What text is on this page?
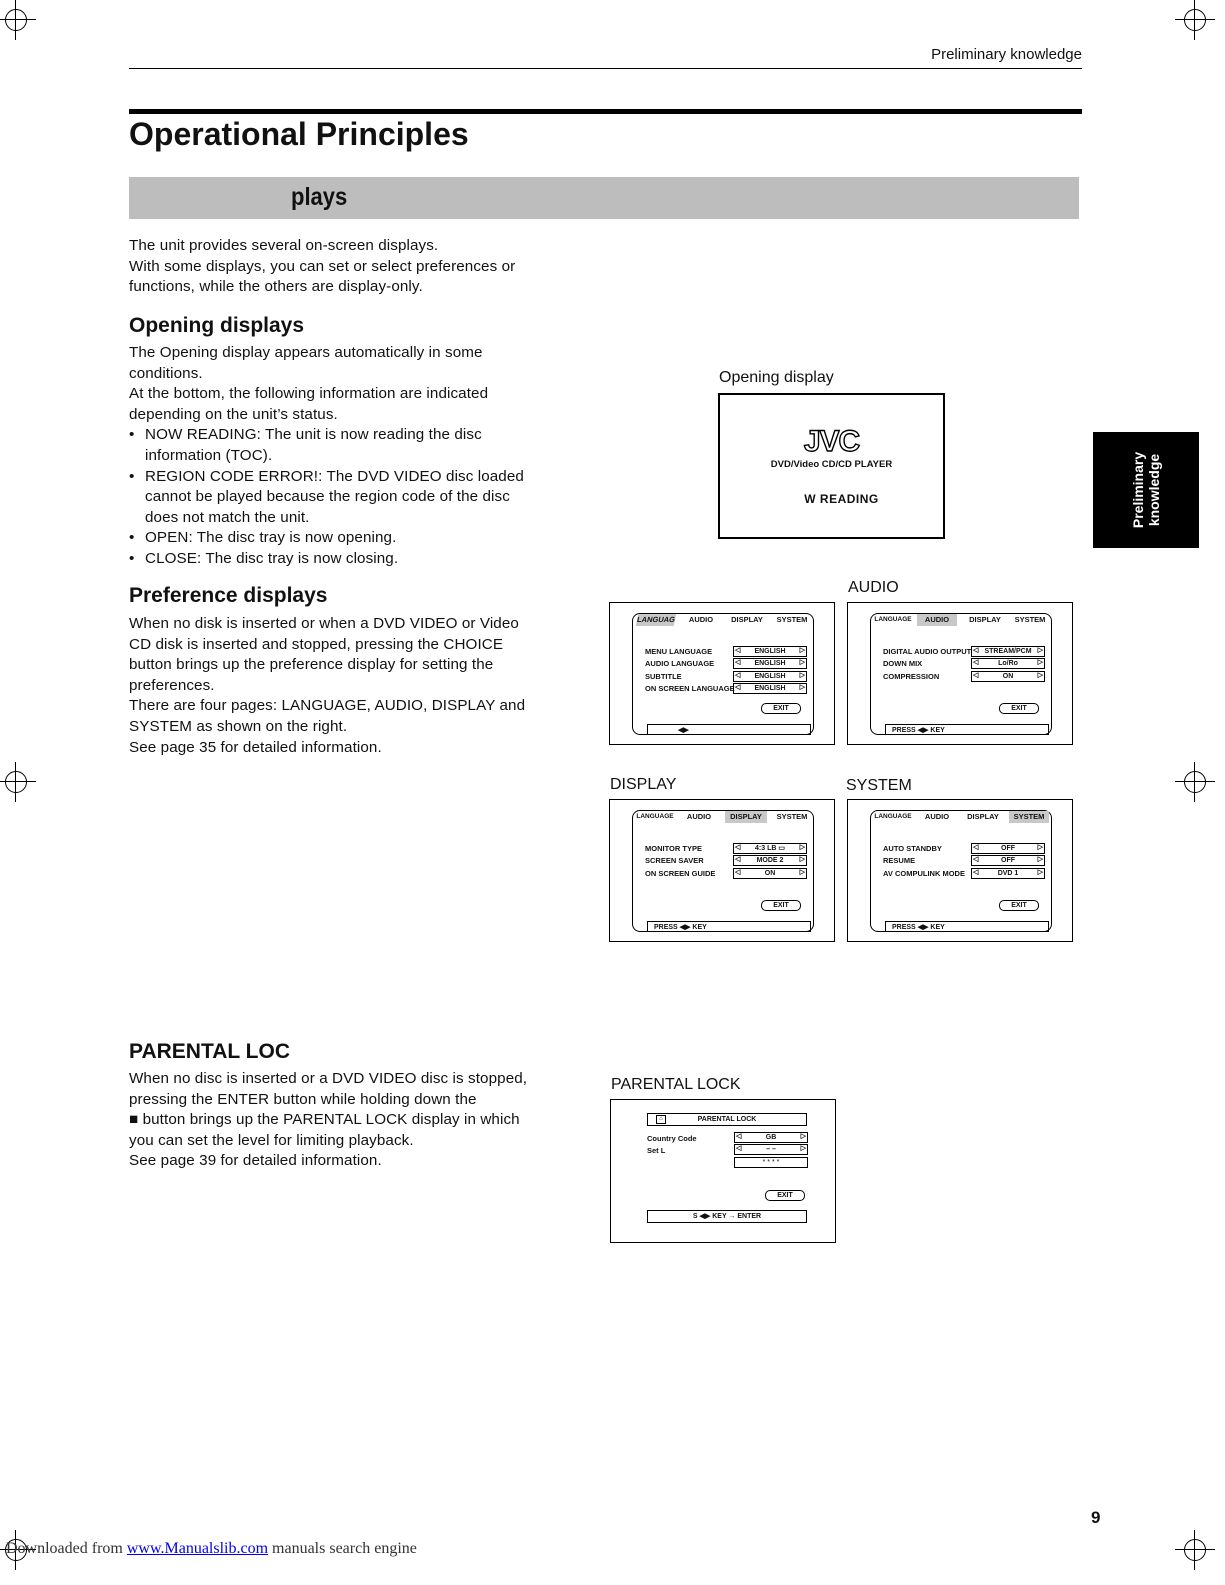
Preliminary knowledge
Operational Principles
plays

The unit provides several on-screen displays.

With some displays, you can set or select preferences or

functions, while the others are display-only.

Opening displays

The Opening display appears automatically in some

conditions.

At the bottom, the following information are indicated

depending on the unit’s status.

• NOW READING: The unit is now reading the disc
information (TOC).
• REGION CODE ERROR!: The DVD VIDEO disc loaded
cannot be played because the region code of the disc
does not match the unit.
• OPEN: The disc tray is now opening.
• CLOSE: The disc tray is now closing.
Preference displays

When no disk is inserted or when a DVD VIDEO or Video

CD disk is inserted and stopped, pressing the CHOICE

button brings up the preference display for setting the

preferences.

There are four pages: LANGUAGE, AUDIO, DISPLAY and

SYSTEM as shown on the right.

See page 35 for detailed information.

PARENTAL LOC

When no disc is inserted or a DVD VIDEO disc is stopped,

pressing the ENTER button while holding down the

■ button brings up the PARENTAL LOCK display in which

you can set the level for limiting playback.

See page 39 for detailed information.

Opening display
JVC
DVD/Video CD/CD PLAYER
W READING
LANGUAG	AUDIO	DISPLAY	SYSTEM
MENU LANGUAGE	◁ ENGLISH ▷
AUDIO LANGUAGE	◁ ENGLISH ▷
SUBTITLE	◁ ENGLISH ▷
ON SCREEN LANGUAGE	◁ ENGLISH ▷
EXIT
◀▶
AUDIO
LANGUAGE	AUDIO	DISPLAY	SYSTEM
DIGITAL AUDIO OUTPUT	◁ STREAM/PCM ▷
DOWN MIX	◁ Lo/Ro ▷
COMPRESSION	◁ ON ▷
EXIT
PRESS ◀▶ KEY
DISPLAY
LANGUAGE	AUDIO	DISPLAY	SYSTEM
MONITOR TYPE	◁ 4:3 LB ▭ ▷
SCREEN SAVER	◁ MODE 2 ▷
ON SCREEN GUIDE	◁ ON ▷
EXIT
PRESS ◀▶ KEY
SYSTEM
LANGUAGE	AUDIO	DISPLAY	SYSTEM
AUTO STANDBY	◁ OFF ▷
RESUME	◁ OFF ▷
AV COMPULINK MODE	◁ DVD 1 ▷
EXIT
PRESS ◀▶ KEY
PARENTAL LOCK
⌂	PARENTAL LOCK
Country Code	◁ GB ▷
Set L	◁ – – ▷
* * * *
EXIT
S ◀▶ KEY → ENTER
Preliminary knowledge
9
Downloaded from www.Manualslib.com manuals search engine
